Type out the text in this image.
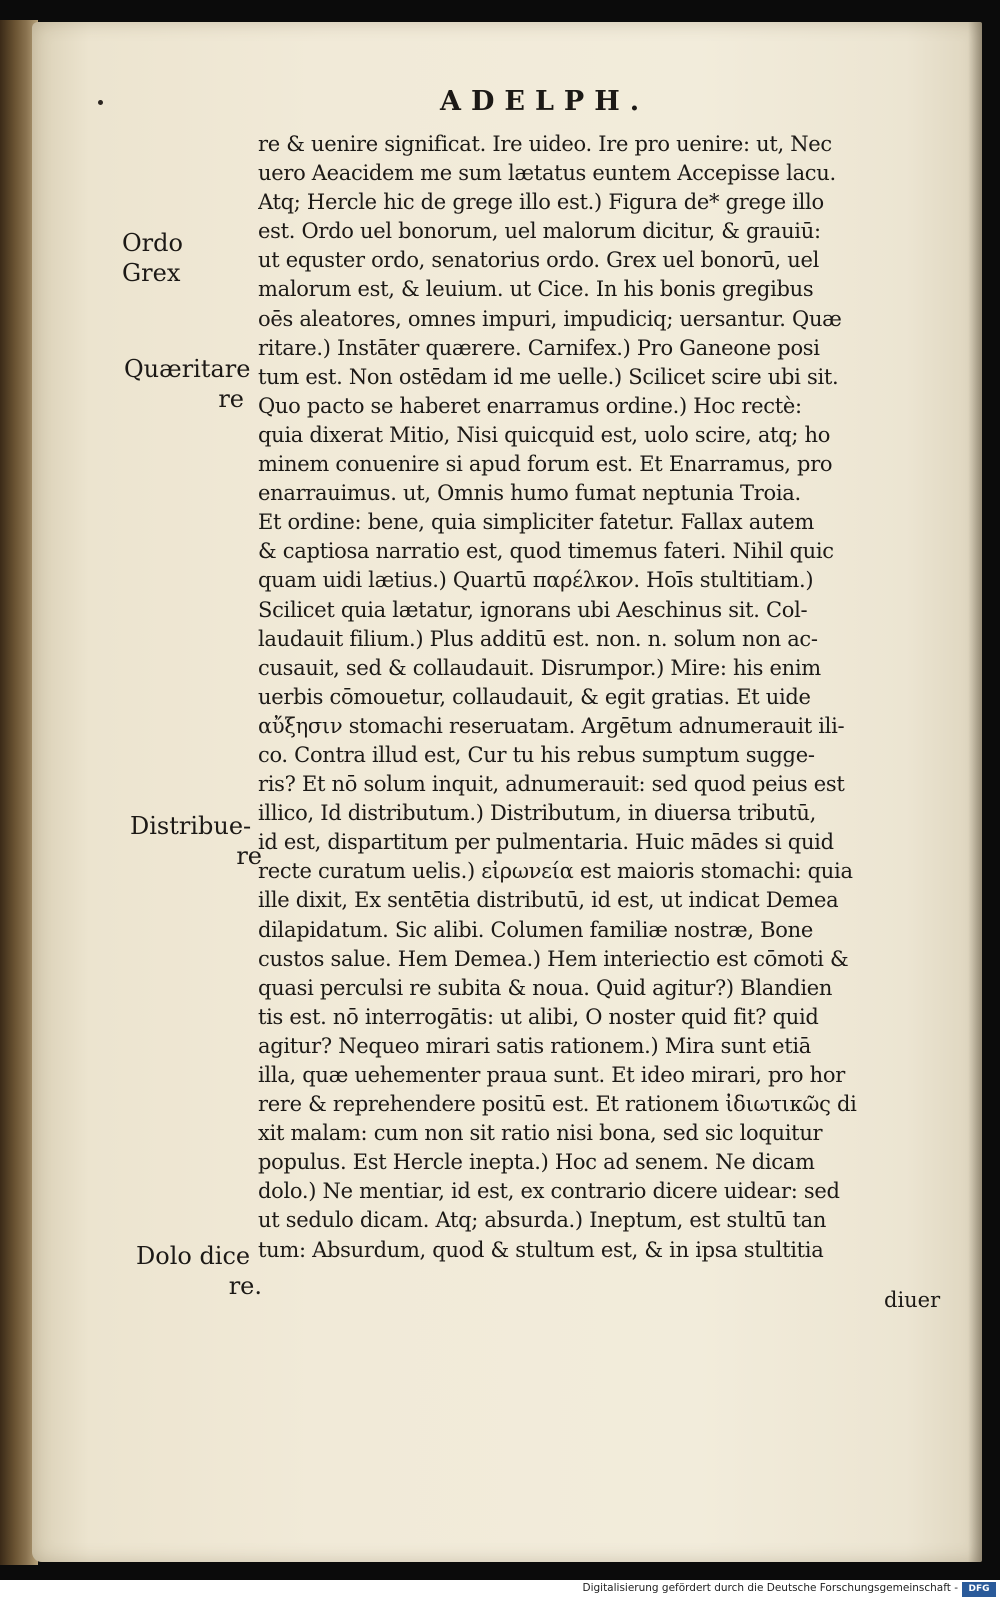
ADELPH.
re & uenire significat. Ire uideo. Ire pro uenire: ut, Nec
uero Aeacidem me sum lætatus euntem Accepisse lacu.
Atq; Hercle hic de grege illo est.) Figura de* grege illo
est. Ordo uel bonorum, uel malorum dicitur, & grauiū:
ut equster ordo, senatorius ordo. Grex uel bonorū, uel
malorum est, & leuium. ut Cice. In his bonis gregibus
oēs aleatores, omnes impuri, impudiciq; uersantur. Quæ
ritare.) Instāter quærere. Carnifex.) Pro Ganeone posi
tum est. Non ostēdam id me uelle.) Scilicet scire ubi sit.
Quo pacto se haberet enarramus ordine.) Hoc rectè:
quia dixerat Mitio, Nisi quicquid est, uolo scire, atq; ho
minem conuenire si apud forum est. Et Enarramus, pro
enarrauimus. ut, Omnis humo fumat neptunia Troia.
Et ordine: bene, quia simpliciter fatetur. Fallax autem
& captiosa narratio est, quod timemus fateri. Nihil quic
quam uidi lætius.) Quartū παρέλκον. Hoīs stultitiam.)
Scilicet quia lætatur, ignorans ubi Aeschinus sit. Col-
laudauit filium.) Plus additū est. non. n. solum non ac-
cusauit, sed & collaudauit. Disrumpor.) Mire: his enim
uerbis cōmouetur, collaudauit, & egit gratias. Et uide
αὔξησιν stomachi reseruatam. Argētum adnumerauit ili-
co. Contra illud est, Cur tu his rebus sumptum sugge-
ris? Et nō solum inquit, adnumerauit: sed quod peius est
illico, Id distributum.) Distributum, in diuersa tributū,
id est, dispartitum per pulmentaria. Huic mādes si quid
recte curatum uelis.) εἰρωνεία est maioris stomachi: quia
ille dixit, Ex sentētia distributū, id est, ut indicat Demea
dilapidatum. Sic alibi. Columen familiæ nostræ, Bone
custos salue. Hem Demea.) Hem interiectio est cōmoti &
quasi perculsi re subita & noua. Quid agitur?) Blandien
tis est. nō interrogātis: ut alibi, O noster quid fit? quid
agitur? Nequeo mirari satis rationem.) Mira sunt etiā
illa, quæ uehementer praua sunt. Et ideo mirari, pro hor
rere & reprehendere positū est. Et rationem ἰδιωτικῶς di
xit malam: cum non sit ratio nisi bona, sed sic loquitur
populus. Est Hercle inepta.) Hoc ad senem. Ne dicam
dolo.) Ne mentiar, id est, ex contrario dicere uidear: sed
ut sedulo dicam. Atq; absurda.) Ineptum, est stultū tan
tum: Absurdum, quod & stultum est, & in ipsa stultitia
diuer
Ordo
Grex
Quæritare
re
Distribue-
re
Dolo dice
re.
Digitalisierung gefördert durch die Deutsche Forschungsgemeinschaft -	DFG
